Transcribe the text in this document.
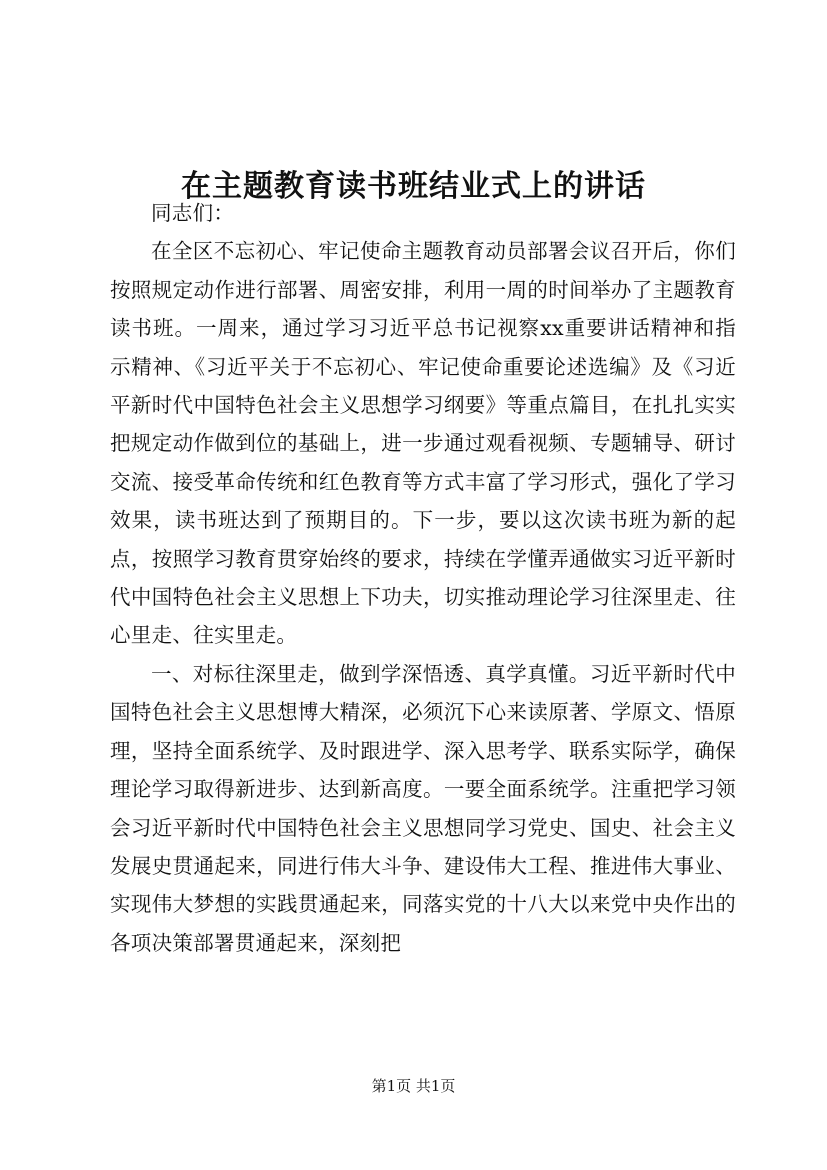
在主题教育读书班结业式上的讲话

同志们：

在全区不忘初心、牢记使命主题教育动员部署会议召开后，你们按照规定动作进行部署、周密安排，利用一周的时间举办了主题教育读书班。一周来，通过学习习近平总书记视察xx重要讲话精神和指示精神、《习近平关于不忘初心、牢记使命重要论述选编》及《习近平新时代中国特色社会主义思想学习纲要》等重点篇目，在扎扎实实把规定动作做到位的基础上，进一步通过观看视频、专题辅导、研讨交流、接受革命传统和红色教育等方式丰富了学习形式，强化了学习效果，读书班达到了预期目的。下一步，要以这次读书班为新的起点，按照学习教育贯穿始终的要求，持续在学懂弄通做实习近平新时代中国特色社会主义思想上下功夫，切实推动理论学习往深里走、往心里走、往实里走。

一、对标往深里走，做到学深悟透、真学真懂。习近平新时代中国特色社会主义思想博大精深，必须沉下心来读原著、学原文、悟原理，坚持全面系统学、及时跟进学、深入思考学、联系实际学，确保理论学习取得新进步、达到新高度。一要全面系统学。注重把学习领会习近平新时代中国特色社会主义思想同学习党史、国史、社会主义发展史贯通起来，同进行伟大斗争、建设伟大工程、推进伟大事业、实现伟大梦想的实践贯通起来，同落实党的十八大以来党中央作出的各项决策部署贯通起来，深刻把

第1页 共1页
